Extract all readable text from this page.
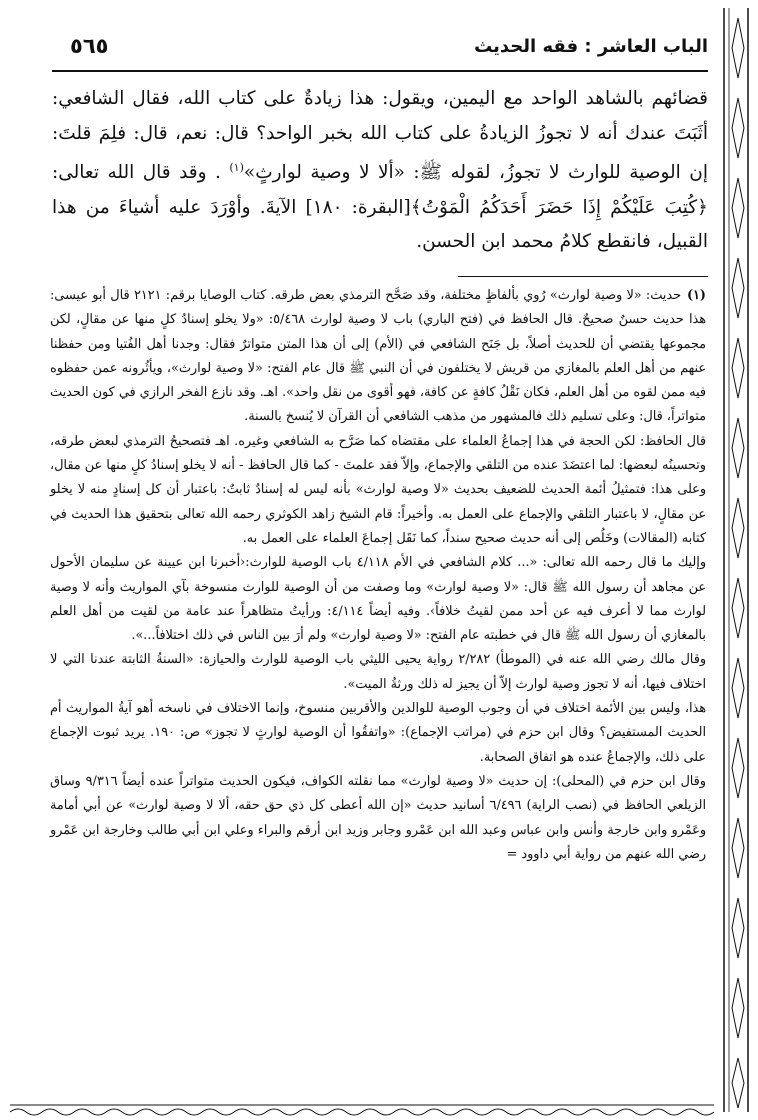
الباب العاشر : فقه الحديث
٥٦٥
قضائهم بالشاهد الواحد مع اليمين، ويقول: هذا زيادةٌ على كتاب الله، فقال الشافعي: أثَبَتَ عندك أنه لا تجوزُ الزيادةُ على كتاب الله بخبر الواحد؟ قال: نعم، قال: فلِمَ قلتَ: إن الوصية للوارث لا تجوزُ، لقوله ﷺ: «ألا لا وصية لوارثٍ»$^{(١)}$ . وقد قال الله تعالى: ﴿كُتِبَ عَلَيْكُمْ إِذَا حَضَرَ أَحَدَكُمُ الْمَوْتُ﴾[البقرة: ١٨٠] الآيةَ. وأوْرَدَ عليه أشياءَ من هذا القبيل، فانقطع كلامُ محمد ابن الحسن.

(١)حديث: «لا وصية لوارث» رُوي بألفاظٍ مختلفة، وقد صَحَّح الترمذي بعض طرقه. كتاب الوصايا برقم: ٢١٢١ قال أبو عيسى: هذا حديث حسنٌ صحيحٌ. قال الحافظ في (فتح الباري) باب لا وصية لوارث ٥/٤٦٨: «ولا يخلو إسنادُ كلٍ منها عن مقالٍ، لكن مجموعها يقتضي أن للحديث أصلاً، بل جَنَح الشافعي في (الأم) إلى أن هذا المتن متواترٌ فقال: وجدنا أهل الفُتيا ومن حفظنا عنهم من أهل العلم بالمغازي من قريش لا يختلفون في أن النبي ﷺ قال عام الفتح: «لا وصية لوارث»، ويأثُرونه عمن حفظوه فيه ممن لقوه من أهل العلم، فكان نَقْلُ كافةٍ عن كافة، فهو أقوى من نقل واحد». اهـ. وقد نازع الفخر الرازي في كون الحديث متواتراً، قال: وعلى تسليم ذلك فالمشهور من مذهب الشافعي أن القرآن لا يُنسخ بالسنة.

قال الحافظ: لكن الحجة في هذا إجماعُ العلماء على مقتضاه كما صَرَّح به الشافعي وغيره. اهـ فتصحيحُ الترمذي لبعض طرقه، وتحسينُه لبعضها: لما اعتضَدَ عنده من التلقي والإجماع، وإلاّ فقد علمتَ - كما قال الحافظ - أنه لا يخلو إسنادُ كلٍ منها عن مقال، وعلى هذا: فتمثيلُ أئمة الحديث للضعيف بحديث «لا وصية لوارث» بأنه ليس له إسنادٌ ثابتٌ: باعتبار أن كل إسنادٍ منه لا يخلو عن مقالٍ، لا باعتبار التلقي والإجماع على العمل به. وأخيراً: قام الشيخ زاهد الكوثري رحمه الله تعالى بتحقيق هذا الحديث في كتابه (المقالات) وخَلُص إلى أنه حديث صحيح سنداً، كما نَقَل إجماعَ العلماء على العمل به.

وإليك ما قال رحمه الله تعالى: «... كلام الشافعي في الأم ٤/١١٨ باب الوصية للوارث:‹أخبرنا ابن عيينة عن سليمان الأحول عن مجاهد أن رسول الله ﷺ قال: «لا وصية لوارث» وما وصفت من أن الوصية للوارث منسوخة بآي المواريث وأنه لا وصية لوارث مما لا أعرف فيه عن أحد ممن لقيتُ خلافاً›. وفيه أيضاً ٤/١١٤: ورأيتُ متظاهراً عند عامة من لقيت من أهل العلم بالمغازي أن رسول الله ﷺ قال في خطبته عام الفتح: «لا وصية لوارث» ولم أرَ بين الناس في ذلك اختلافاً...».

وقال مالك رضي الله عنه في (الموطأ) ٢/٢٨٢ رواية يحيى الليثي باب الوصية للوارث والحيازة: «السنةُ الثابتة عندنا التي لا اختلاف فيها، أنه لا تجوز وصية لوارث إلاّ أن يجيز له ذلك ورثةُ الميت».

هذا، وليس بين الأئمة اختلاف في أن وجوب الوصية للوالدين والأقربين منسوخ، وإنما الاختلاف في ناسخه أهو آيةُ المواريث أم الحديث المستفيض؟ وقال ابن حزم في (مراتب الإجماع): «واتفقُوا أن الوصية لوارثٍ لا تجوز» ص: ١٩٠. يريد ثبوت الإجماع على ذلك، والإجماعُ عنده هو اتفاق الصحابة.

وقال ابن حزم في (المحلى): إن حديث «لا وصية لوارث» مما نقلته الكواف، فيكون الحديث متواتراً عنده أيضاً ٩/٣١٦ وساق الزيلعي الحافظ في (نصب الراية) ٦/٤٩٦ أسانيد حديث «إن الله أعطى كل ذي حق حقه، ألا لا وصية لوارث» عن أبي أمامة وعَمْرو وابن خارجة وأنس وابن عباس وعبد الله ابن عَمْرو وجابر وزيد ابن أرقم والبراء وعلي ابن أبي طالب وخارجة ابن عَمْرو رضي الله عنهم من رواية أبي داوود =
